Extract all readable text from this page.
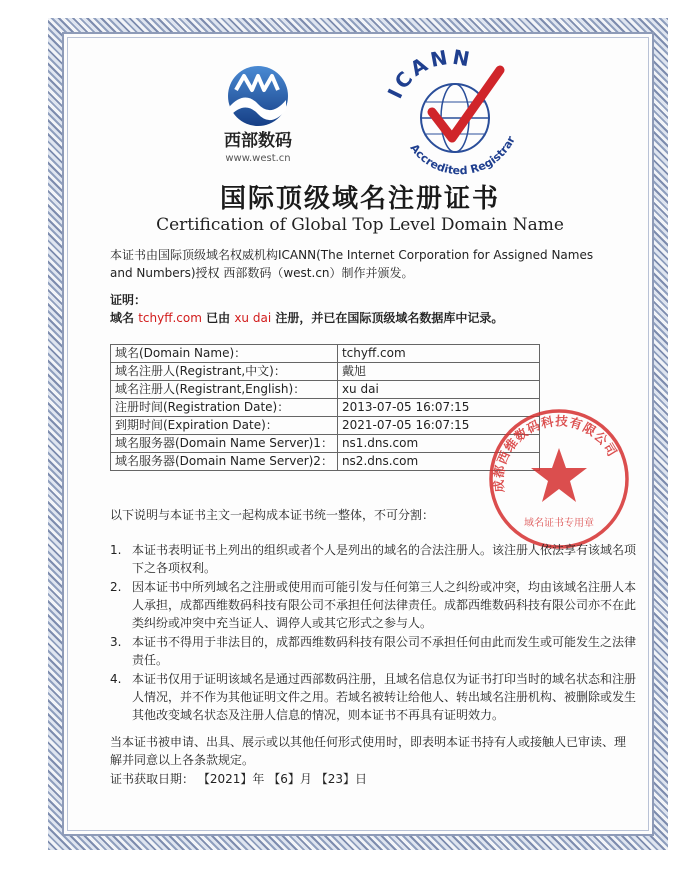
西部数码
www.west.cn
ICANN
Accredited Registrar
国际顶级域名注册证书
Certification of Global Top Level Domain Name
本证书由国际顶级域名权威机构ICANN(The Internet Corporation for Assigned Names and Numbers)授权 西部数码（west.cn）制作并颁发。
证明：
域名 tchyff.com 已由 xu dai 注册，并已在国际顶级域名数据库中记录。
域名(Domain Name)：	tchyff.com
域名注册人(Registrant,中文)：	戴旭
域名注册人(Registrant,English)：	xu dai
注册时间(Registration Date)：	2013-07-05 16:07:15
到期时间(Expiration Date)：	2021-07-05 16:07:15
域名服务器(Domain Name Server)1：	ns1.dns.com
域名服务器(Domain Name Server)2：	ns2.dns.com
成都西维数码科技有限公司
域名证书专用章
以下说明与本证书主文一起构成本证书统一整体，不可分割：
1. 本证书表明证书上列出的组织或者个人是列出的域名的合法注册人。该注册人依法享有该域名项下之各项权利。
2. 因本证书中所列域名之注册或使用而可能引发与任何第三人之纠纷或冲突，均由该域名注册人本人承担，成都西维数码科技有限公司不承担任何法律责任。成都西维数码科技有限公司亦不在此类纠纷或冲突中充当证人、调停人或其它形式之参与人。
3. 本证书不得用于非法目的，成都西维数码科技有限公司不承担任何由此而发生或可能发生之法律责任。
4. 本证书仅用于证明该域名是通过西部数码注册，且域名信息仅为证书打印当时的域名状态和注册人情况，并不作为其他证明文件之用。若域名被转让给他人、转出域名注册机构、被删除或发生其他改变域名状态及注册人信息的情况，则本证书不再具有证明效力。
当本证书被申请、出具、展示或以其他任何形式使用时，即表明本证书持有人或接触人已审读、理解并同意以上各条款规定。
证书获取日期： 【2021】年 【6】月 【23】日
